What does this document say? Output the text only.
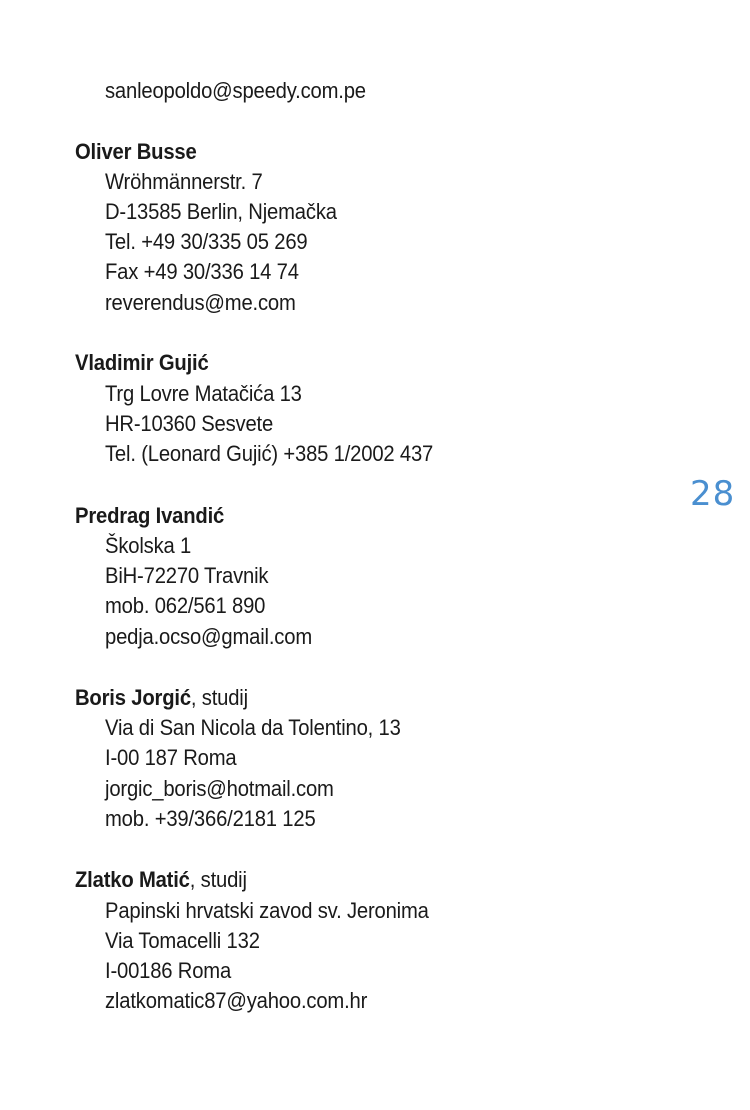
sanleopoldo@speedy.com.pe
Oliver Busse
Wröhmännerstr. 7
D-13585 Berlin, Njemačka
Tel. +49 30/335 05 269
Fax +49 30/336 14 74
reverendus@me.com
Vladimir Gujić
Trg Lovre Matačića 13
HR-10360 Sesvete
Tel. (Leonard Gujić) +385 1/2002 437
Predrag Ivandić
Školska 1
BiH-72270 Travnik
mob. 062/561 890
pedja.ocso@gmail.com
Boris Jorgić, studij
Via di San Nicola da Tolentino, 13
I-00 187 Roma
jorgic_boris@hotmail.com
mob. +39/366/2181 125
Zlatko Matić, studij
Papinski hrvatski zavod sv. Jeronima
Via Tomacelli 132
I-00186 Roma
zlatkomatic87@yahoo.com.hr
28
